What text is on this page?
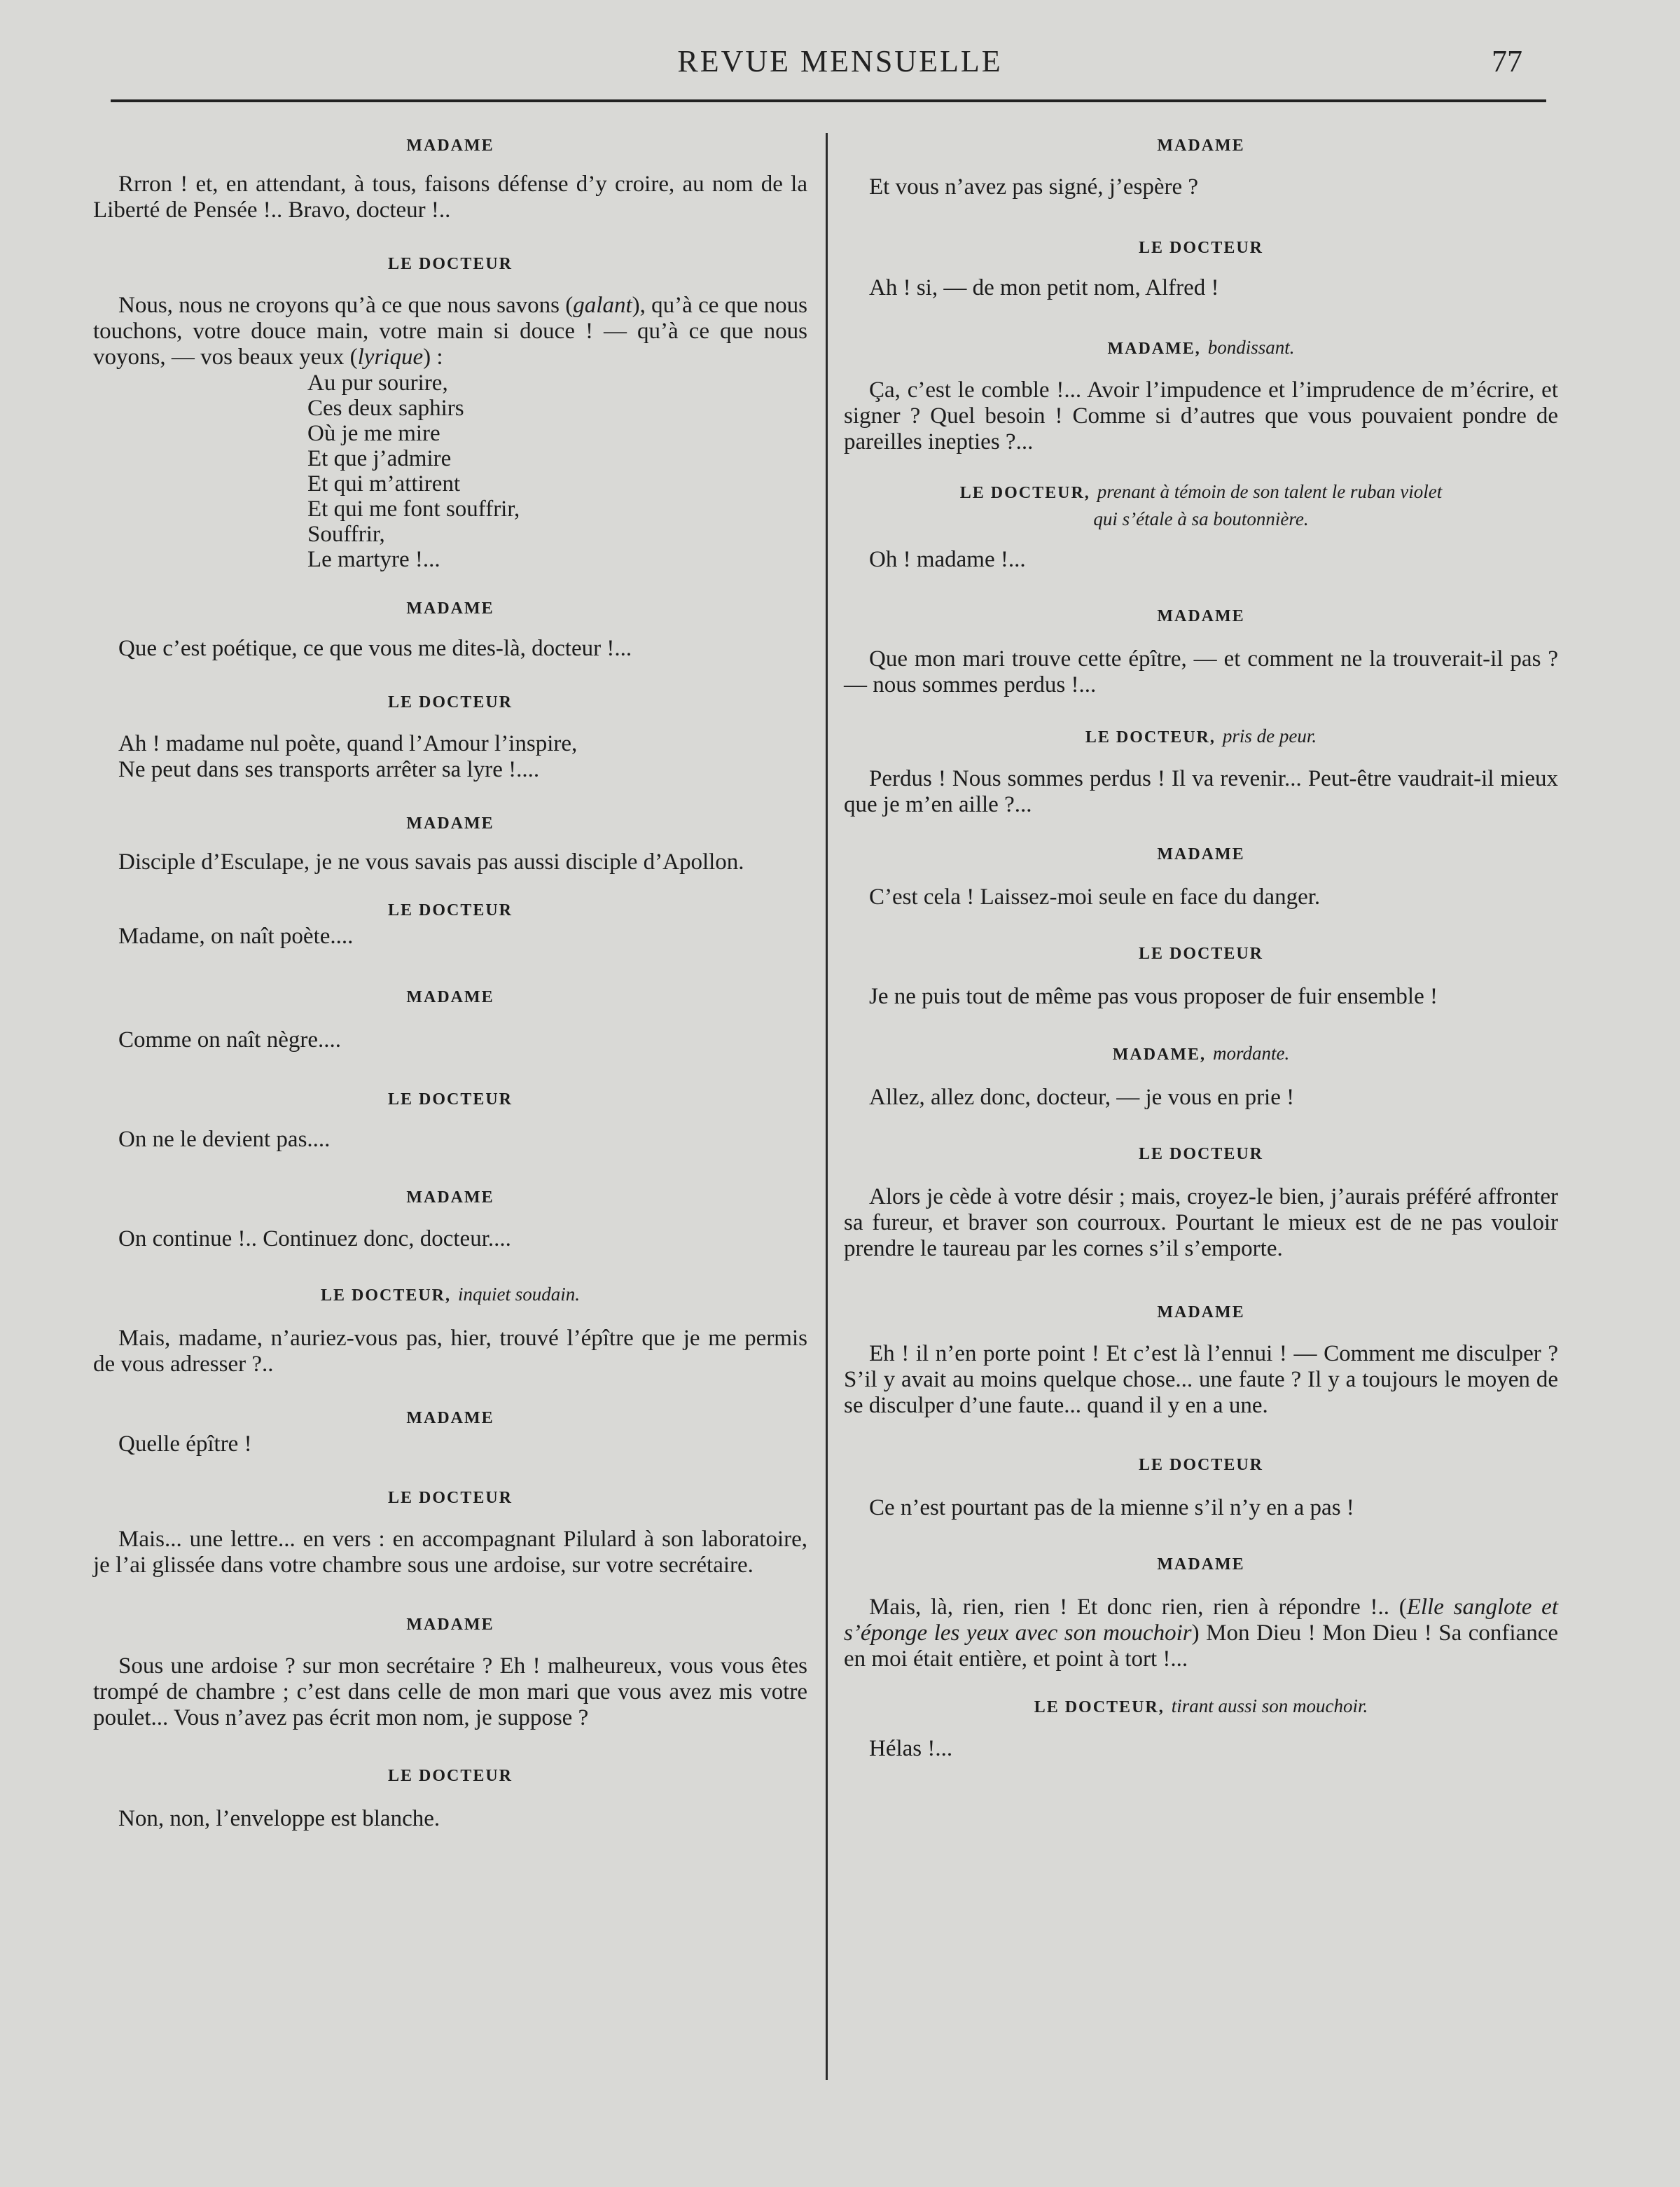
REVUE MENSUELLE	77
MADAME

Rrron ! et, en attendant, à tous, faisons défense d’y croire, au nom de la Liberté de Pensée !.. Bravo, docteur !..

LE DOCTEUR

Nous, nous ne croyons qu’à ce que nous savons (galant), qu’à ce que nous touchons, votre douce main, votre main si douce ! — qu’à ce que nous voyons, — vos beaux yeux (lyrique) :

Au pur sourire,
Ces deux saphirs
Où je me mire
Et que j’admire
Et qui m’attirent
Et qui me font souffrir,
Souffrir,
Le martyre !...
MADAME

Que c’est poétique, ce que vous me dites-là, docteur !...

LE DOCTEUR

Ah ! madame nul poète, quand l’Amour l’inspire,

Ne peut dans ses transports arrêter sa lyre !....

MADAME

Disciple d’Esculape, je ne vous savais pas aussi disciple d’Apollon.

LE DOCTEUR

Madame, on naît poète....

MADAME

Comme on naît nègre....

LE DOCTEUR

On ne le devient pas....

MADAME

On continue !.. Continuez donc, docteur....

LE DOCTEUR, inquiet soudain.

Mais, madame, n’auriez-vous pas, hier, trouvé l’épître que je me permis de vous adresser ?..

MADAME

Quelle épître !

LE DOCTEUR

Mais... une lettre... en vers : en accompagnant Pilulard à son laboratoire, je l’ai glissée dans votre chambre sous une ardoise, sur votre secrétaire.

MADAME

Sous une ardoise ? sur mon secrétaire ? Eh ! malheureux, vous vous êtes trompé de chambre ; c’est dans celle de mon mari que vous avez mis votre poulet... Vous n’avez pas écrit mon nom, je suppose ?

LE DOCTEUR

Non, non, l’enveloppe est blanche.

MADAME

Et vous n’avez pas signé, j’espère ?

LE DOCTEUR

Ah ! si, — de mon petit nom, Alfred !

MADAME, bondissant.

Ça, c’est le comble !... Avoir l’impudence et l’imprudence de m’écrire, et signer ? Quel besoin ! Comme si d’autres que vous pouvaient pondre de pareilles inepties ?...

LE DOCTEUR, prenant à témoin de son talent le ruban violet
qui s’étale à sa boutonnière.

Oh ! madame !...

MADAME

Que mon mari trouve cette épître, — et comment ne la trouverait-il pas ? — nous sommes perdus !...

LE DOCTEUR, pris de peur.

Perdus ! Nous sommes perdus ! Il va revenir... Peut-être vaudrait-il mieux que je m’en aille ?...

MADAME

C’est cela ! Laissez-moi seule en face du danger.

LE DOCTEUR

Je ne puis tout de même pas vous proposer de fuir ensemble !

MADAME, mordante.

Allez, allez donc, docteur, — je vous en prie !

LE DOCTEUR

Alors je cède à votre désir ; mais, croyez-le bien, j’aurais préféré affronter sa fureur, et braver son courroux. Pourtant le mieux est de ne pas vouloir prendre le taureau par les cornes s’il s’emporte.

MADAME

Eh ! il n’en porte point ! Et c’est là l’ennui ! — Comment me disculper ? S’il y avait au moins quelque chose... une faute ? Il y a toujours le moyen de se disculper d’une faute... quand il y en a une.

LE DOCTEUR

Ce n’est pourtant pas de la mienne s’il n’y en a pas !

MADAME

Mais, là, rien, rien ! Et donc rien, rien à répondre !.. (Elle sanglote et s’éponge les yeux avec son mouchoir) Mon Dieu ! Mon Dieu ! Sa confiance en moi était entière, et point à tort !...

LE DOCTEUR, tirant aussi son mouchoir.

Hélas !...
